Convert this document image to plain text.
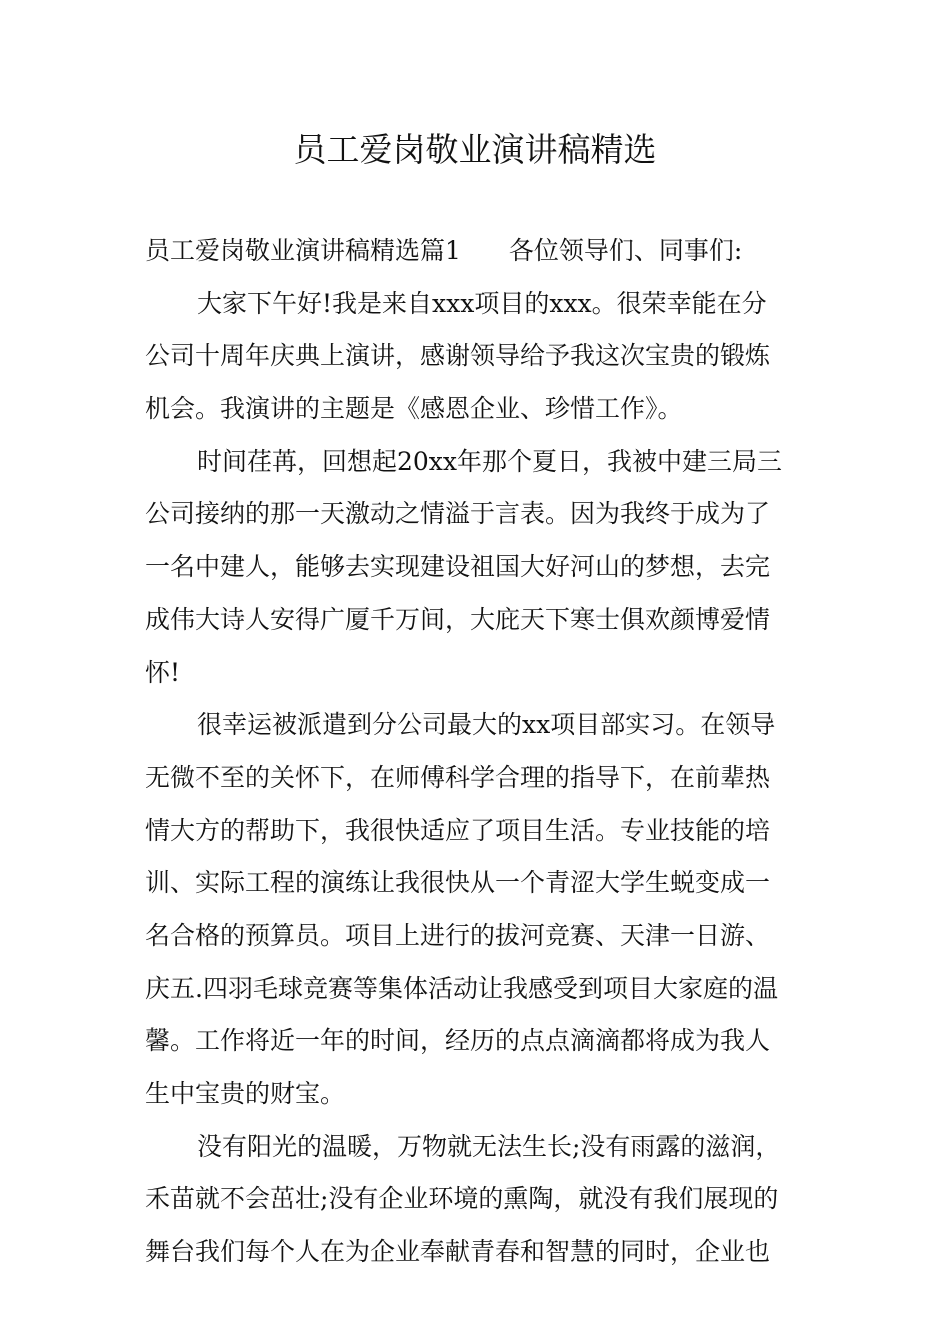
员工爱岗敬业演讲稿精选
员工爱岗敬业演讲稿精选篇1 各位领导们、同事们:
大家下午好!我是来自xxx项目的xxx。很荣幸能在分
公司十周年庆典上演讲，感谢领导给予我这次宝贵的锻炼
机会。我演讲的主题是《感恩企业、珍惜工作》。
时间荏苒，回想起20xx年那个夏日，我被中建三局三
公司接纳的那一天激动之情溢于言表。因为我终于成为了
一名中建人，能够去实现建设祖国大好河山的梦想，去完
成伟大诗人安得广厦千万间，大庇天下寒士俱欢颜博爱情
怀!
很幸运被派遣到分公司最大的xx项目部实习。在领导
无微不至的关怀下，在师傅科学合理的指导下，在前辈热
情大方的帮助下，我很快适应了项目生活。专业技能的培
训、实际工程的演练让我很快从一个青涩大学生蜕变成一
名合格的预算员。项目上进行的拔河竞赛、天津一日游、
庆五.四羽毛球竞赛等集体活动让我感受到项目大家庭的温
馨。工作将近一年的时间，经历的点点滴滴都将成为我人
生中宝贵的财宝。
没有阳光的温暖，万物就无法生长;没有雨露的滋润，
禾苗就不会茁壮;没有企业环境的熏陶，就没有我们展现的
舞台我们每个人在为企业奉献青春和智慧的同时，企业也
